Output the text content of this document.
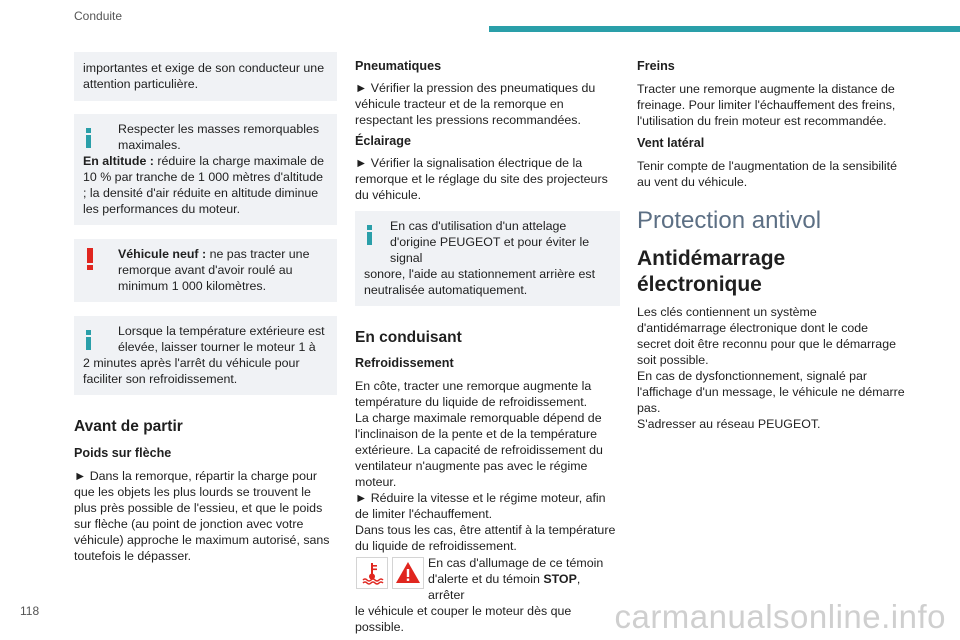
Conduite

importantes et exige de son conducteur une attention particulière.

Respecter les masses remorquables maximales.

En altitude : réduire la charge maximale de 10 % par tranche de 1 000 mètres d'altitude ; la densité d'air réduite en altitude diminue les performances du moteur.

Véhicule neuf : ne pas tracter une remorque avant d'avoir roulé au minimum 1 000 kilomètres.

Lorsque la température extérieure est élevée, laisser tourner le moteur 1 à

2 minutes après l'arrêt du véhicule pour faciliter son refroidissement.

Avant de partir
Poids sur flèche

► Dans la remorque, répartir la charge pour que les objets les plus lourds se trouvent le plus près possible de l'essieu, et que le poids sur flèche (au point de jonction avec votre véhicule) approche le maximum autorisé, sans toutefois le dépasser.

Pneumatiques

► Vérifier la pression des pneumatiques du véhicule tracteur et de la remorque en respectant les pressions recommandées.

Éclairage

► Vérifier la signalisation électrique de la remorque et le réglage du site des projecteurs du véhicule.

En cas d'utilisation d'un attelage d'origine PEUGEOT et pour éviter le signal

sonore, l'aide au stationnement arrière est neutralisée automatiquement.

En conduisant
Refroidissement

En côte, tracter une remorque augmente la température du liquide de refroidissement.

La charge maximale remorquable dépend de l'inclinaison de la pente et de la température extérieure. La capacité de refroidissement du ventilateur n'augmente pas avec le régime moteur.

► Réduire la vitesse et le régime moteur, afin de limiter l'échauffement.

Dans tous les cas, être attentif à la température du liquide de refroidissement.

En cas d'allumage de ce témoin d'alerte et du témoin STOP, arrêter

le véhicule et couper le moteur dès que possible.

Freins

Tracter une remorque augmente la distance de freinage. Pour limiter l'échauffement des freins, l'utilisation du frein moteur est recommandée.

Vent latéral

Tenir compte de l'augmentation de la sensibilité au vent du véhicule.

Protection antivol
Antidémarrage électronique

Les clés contiennent un système d'antidémarrage électronique dont le code secret doit être reconnu pour que le démarrage soit possible.

En cas de dysfonctionnement, signalé par l'affichage d'un message, le véhicule ne démarre pas.

S'adresser au réseau PEUGEOT.

118	carmanualsonline.info
